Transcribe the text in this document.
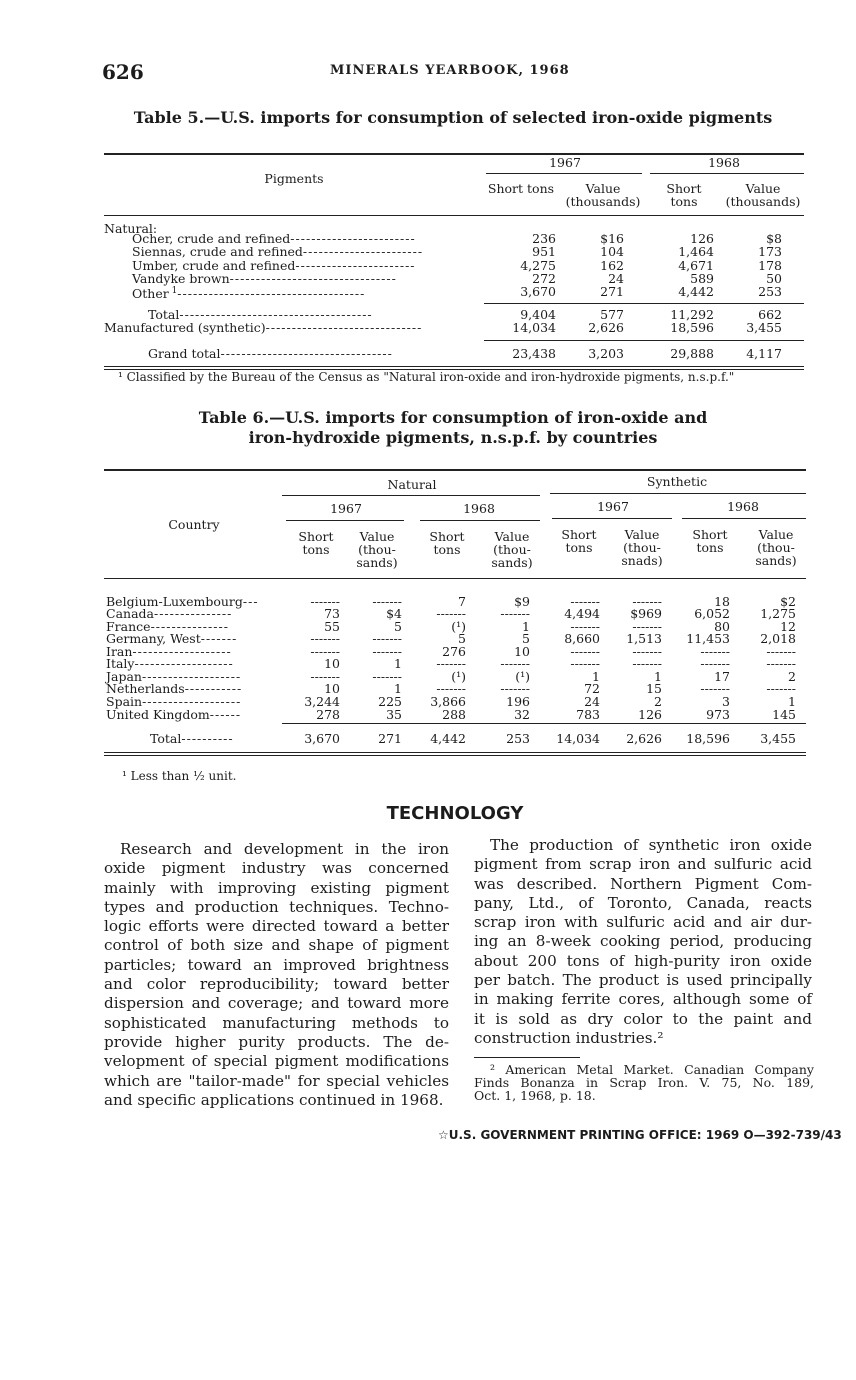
626	MINERALS YEARBOOK, 1968
Table 5.—U.S. imports for consumption of selected iron-oxide pigments
1967	1968
Pigments
Short tons	Value (thousands)
Short tons
Value (thousands)
Natural:
Ocher, crude and refined------------------------	236	$16	126	$8
Siennas, crude and refined-----------------------	951	104	1,464	173
Umber, crude and refined-----------------------	4,275	162	4,671	178
Vandyke brown--------------------------------	272	24	589	50
Other $^1$------------------------------------	3,670	271	4,442	253
Total-------------------------------------	9,404	577	11,292	662
Manufactured (synthetic)------------------------------	14,034	2,626	18,596	3,455
Grand total---------------------------------	23,438	3,203	29,888	4,117
¹ Classified by the Bureau of the Census as "Natural iron-oxide and iron-hydroxide pigments, n.s.p.f."
Table 6.—U.S. imports for consumption of iron-oxide and
iron-hydroxide pigments, n.s.p.f. by countries
Natural	Synthetic
1967	1968	1967	1968
Country
Short tons
Value (thou- sands)
Short tons
Value (thou- sands)
Short tons
Value (thou- snads)
Short tons
Value (thou- sands)
Belgium-Luxembourg---	-------	-------	7	$9	-------	-------	18	$2
Canada---------------	73	$4	-------	-------	4,494	$969	6,052	1,275
France---------------	55	5	(¹)	1	-------	-------	80	12
Germany, West-------	-------	-------	5	5	8,660	1,513	11,453	2,018
Iran-------------------	-------	-------	276	10	-------	-------	-------	-------
Italy-------------------	10	1	-------	-------	-------	-------	-------	-------
Japan-------------------	-------	-------	(¹)	(¹)	1	1	17	2
Netherlands-----------	10	1	-------	-------	72	15	-------	-------
Spain-------------------	3,244	225	3,866	196	24	2	3	1
United Kingdom------	278	35	288	32	783	126	973	145
Total----------	3,670	271	4,442	253	14,034	2,626	18,596	3,455
¹ Less than ½ unit.
TECHNOLOGY
Research and development in the iron
oxide pigment industry was concerned
mainly with improving existing pigment
types and production techniques. Techno-
logic efforts were directed toward a better
control of both size and shape of pigment
particles; toward an improved brightness
and color reproducibility; toward better
dispersion and coverage; and toward more
sophisticated manufacturing methods to
provide higher purity products. The de-
velopment of special pigment modifications
which are "tailor-made" for special vehicles
and specific applications continued in 1968.
The production of synthetic iron oxide
pigment from scrap iron and sulfuric acid
was described. Northern Pigment Com-
pany, Ltd., of Toronto, Canada, reacts
scrap iron with sulfuric acid and air dur-
ing an 8-week cooking period, producing
about 200 tons of high-purity iron oxide
per batch. The product is used principally
in making ferrite cores, although some of
it is sold as dry color to the paint and
construction industries.²
² American Metal Market. Canadian Company
Finds Bonanza in Scrap Iron. V. 75, No. 189,
Oct. 1, 1968, p. 18.
☆U.S. GOVERNMENT PRINTING OFFICE: 1969 O—392-739/43
